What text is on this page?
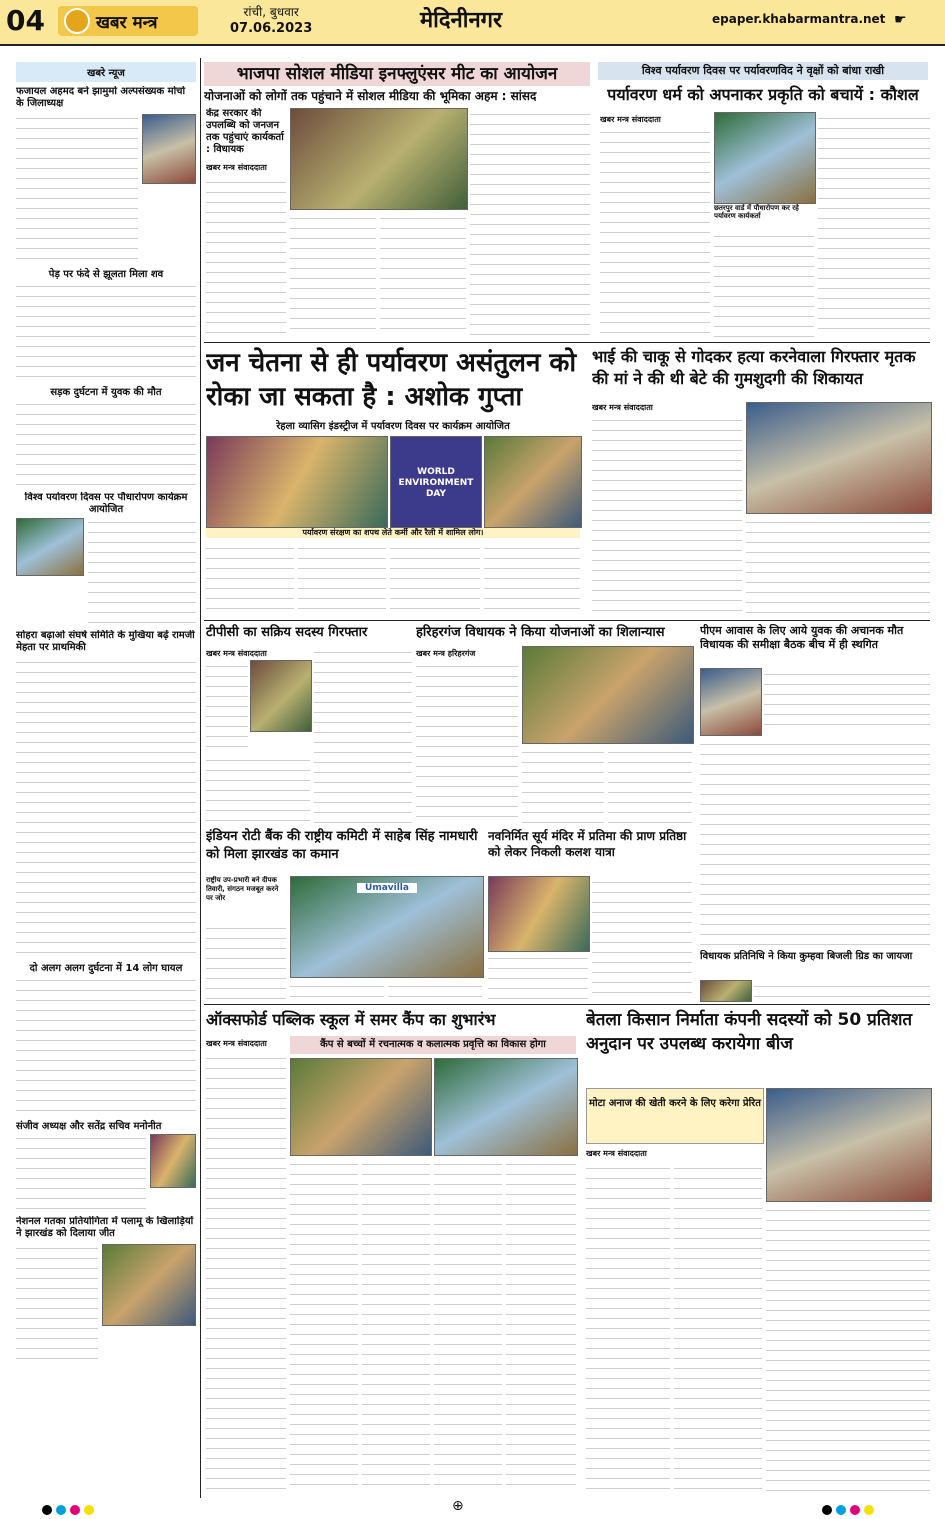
04	खबर मन्त्र
रांची, बुधवार
07.06.2023	मेदिनीनगर	epaper.khabarmantra.net ☛
खबरे न्यूज
फजायल अहमद बने झामुमो अल्पसंख्यक मोर्चा के जिलाध्यक्ष
पेड़ पर फंदे से झूलता मिला शव
सड़क दुर्घटना में युवक की मौत
विश्व पर्यावरण दिवस पर पौधारोपण कार्यक्रम आयोजित
सोहरा बढ़ाओ संघर्ष समिति के मुखिया बढ़ें रामजी मेहता पर प्राथमिकी
दो अलग अलग दुर्घटना में 14 लोग घायल
संजीव अध्यक्ष और सतेंद्र सचिव मनोनीत
नेशनल गतका प्रतियोगिता में पलामू के खिलाड़ियों ने झारखंड को दिलाया जीत
भाजपा सोशल मीडिया इनफ्लुएंसर मीट का आयोजन
योजनाओं को लोगों तक पहुंचाने में सोशल मीडिया की भूमिका अहम : सांसद
केंद्र सरकार की उपलब्धि को जनजन तक पहुंचाएं कार्यकर्ता : विधायक
खबर मन्त्र संवाददाता
विश्व पर्यावरण दिवस पर पर्यावरणविद ने वृक्षों को बांधा राखी
पर्यावरण धर्म को अपनाकर प्रकृति को बचायें : कौशल
खबर मन्त्र संवाददाता
छतरपुर वार्ड में पौधारोपण कर रहे पर्यावरण कार्यकर्ता
जन चेतना से ही पर्यावरण असंतुलन को रोका जा सकता है : अशोक गुप्ता
रेहला व्यासिग इंडस्ट्रीज में पर्यावरण दिवस पर कार्यक्रम आयोजित
WORLD ENVIRONMENT DAY
पर्यावरण संरक्षण का शपथ लेते कर्मी और रैली में शामिल लोग।
भाई की चाकू से गोदकर हत्या करनेवाला गिरफ्तार मृतक की मां ने की थी बेटे की गुमशुदगी की शिकायत
खबर मन्त्र संवाददाता
टीपीसी का सक्रिय सदस्य गिरफ्तार
खबर मन्त्र संवाददाता
हरिहरगंज विधायक ने किया योजनाओं का शिलान्यास
खबर मन्त्र हरिहरगंज
पीएम आवास के लिए आये युवक की अचानक मौत विधायक की समीक्षा बैठक बीच में ही स्थगित
इंडियन रोटी बैंक की राष्ट्रीय कमिटी में साहेब सिंह नामधारी को मिला झारखंड का कमान
राष्ट्रीय उप-प्रभारी बने दीपक तिवारी, संगठन मजबूत करने पर जोर
Umavilla
नवनिर्मित सूर्य मंदिर में प्रतिमा की प्राण प्रतिष्ठा को लेकर निकली कलश यात्रा
विधायक प्रतिनिधि ने किया कुम्हवा बिजली ग्रिड का जायजा
ऑक्सफोर्ड पब्लिक स्कूल में समर कैंप का शुभारंभ
कैंप से बच्चों में रचनात्मक व कलात्मक प्रवृत्ति का विकास होगा
खबर मन्त्र संवाददाता
बेतला किसान निर्माता कंपनी सदस्यों को 50 प्रतिशत अनुदान पर उपलब्ध करायेगा बीज
मोटा अनाज की खेती करने के लिए करेगा प्रेरित
खबर मन्त्र संवाददाता
⊕
